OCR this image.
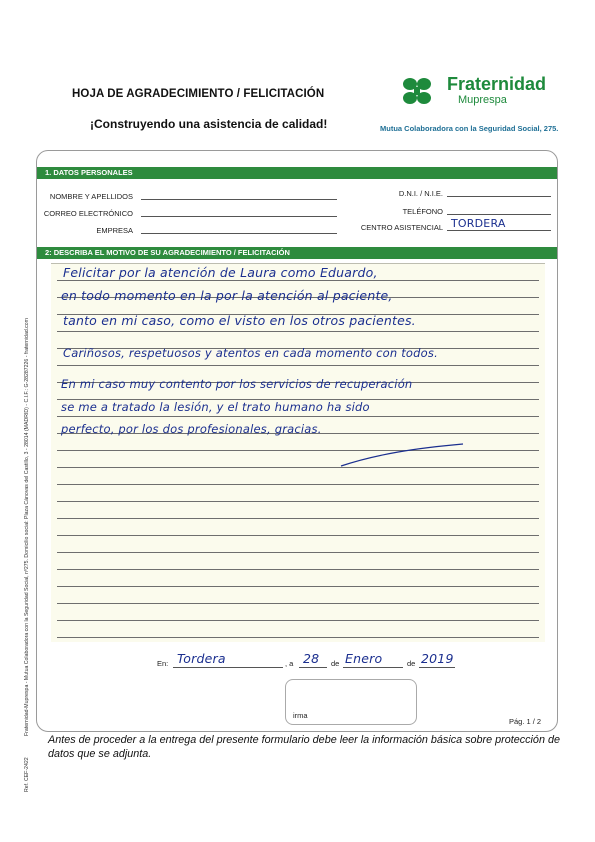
HOJA DE AGRADECIMIENTO / FELICITACIÓN
¡Construyendo una asistencia de calidad!
Fraternidad
Muprespa
Mutua Colaboradora con la Seguridad Social, 275.
Fraternidad-Muprespa - Mutua Colaboradora con la Seguridad Social, nº275. Domicilio social: Plaza Cánovas del Castillo, 3 - 28014 (MADRID) - C.I.F.: G-28287226 - fraternidad.com
Ref. CEF-2422
1. DATOS PERSONALES
NOMBRE Y APELLIDOS
CORREO ELECTRÓNICO
EMPRESA
D.N.I. / N.I.E.
TELÉFONO
CENTRO ASISTENCIAL TORDERA
2: DESCRIBA EL MOTIVO DE SU AGRADECIMIENTO / FELICITACIÓN
Felicitar por la atención de Laura como Eduardo,
en todo momento en la por la atención al paciente,
tanto en mi caso, como el visto en los otros pacientes.
Cariñosos, respetuosos y atentos en cada momento con todos.
En mi caso muy contento por los servicios de recuperación
se me a tratado la lesión, y el trato humano ha sido
perfecto, por los dos profesionales, gracias.
En: Tordera	, a 28 de Enero	de 2019
irma
Pág. 1 / 2
Antes de proceder a la entrega del presente formulario debe leer la información básica sobre protección de datos que se adjunta.
